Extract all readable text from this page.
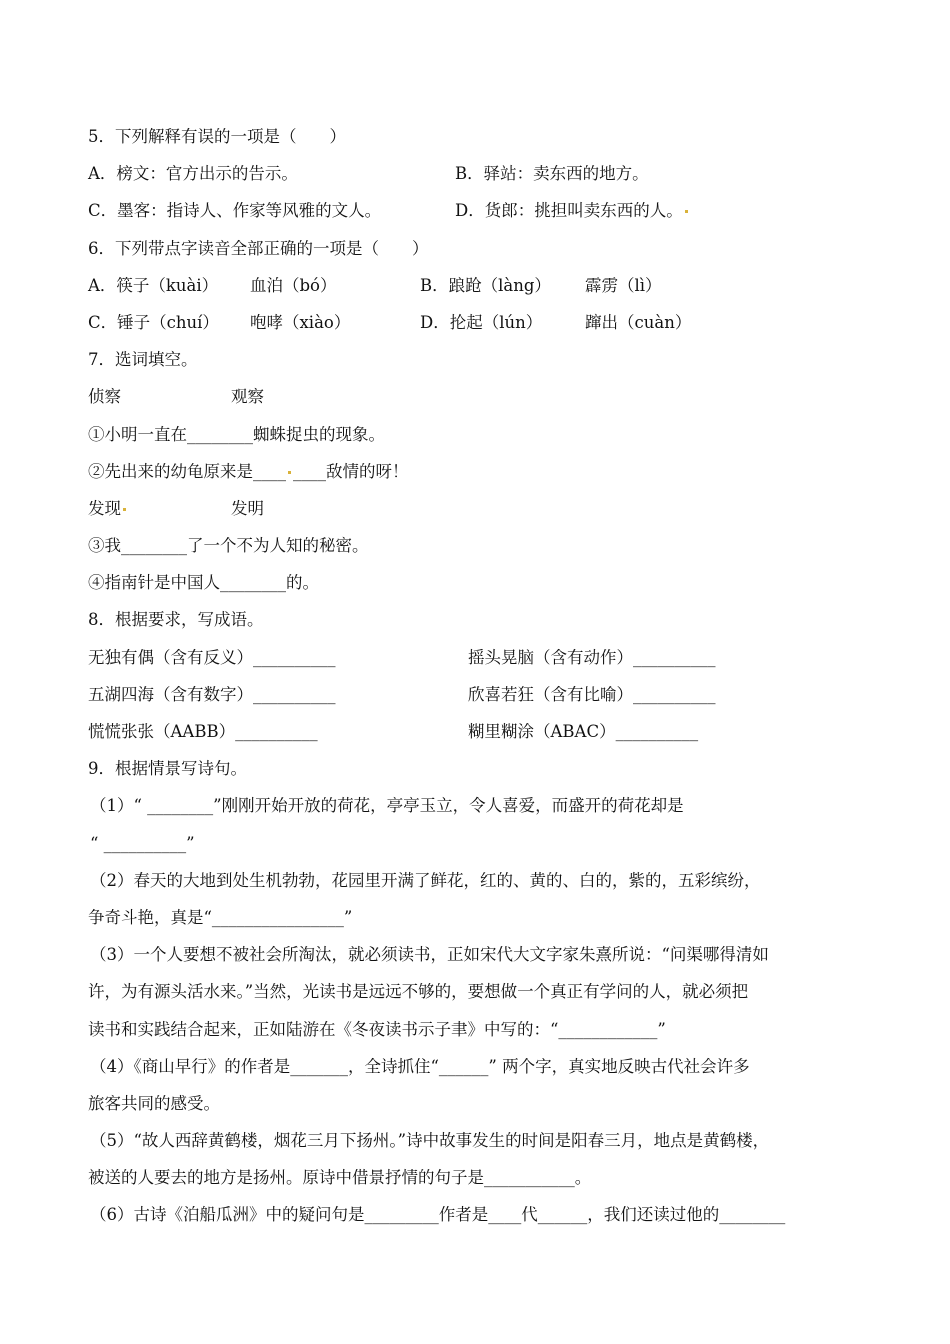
5．下列解释有误的一项是（　　）
A．榜文：官方出示的告示。	B．驿站：卖东西的地方。
C．墨客：指诗人、作家等风雅的文人。	D．货郎：挑担叫卖东西的人。
6．下列带点字读音全部正确的一项是（　　）
A．筷子（kuài） 血泊（bó）	B．踉跄（làng） 霹雳（lì）
C．锤子（chuí） 咆哮（xiào）	D．抡起（lún）	蹿出（cuàn）
7．选词填空。
侦察	观察
①小明一直在________蜘蛛捉虫的现象。
②先出来的幼龟原来是____ ____敌情的呀！
发现	发明
③我________了一个不为人知的秘密。
④指南针是中国人________的。
8．根据要求，写成语。
无独有偶（含有反义）__________	摇头晃脑（含有动作）__________
五湖四海（含有数字）__________	欣喜若狂（含有比喻）__________
慌慌张张（AABB）__________	糊里糊涂（ABAC）__________
9．根据情景写诗句。
（1）“ ________”刚刚开始开放的荷花，亭亭玉立，令人喜爱，而盛开的荷花却是
“ __________”
（2）春天的大地到处生机勃勃，花园里开满了鲜花，红的、黄的、白的，紫的，五彩缤纷，
争奇斗艳，真是“________________”
（3）一个人要想不被社会所淘汰，就必须读书，正如宋代大文字家朱熹所说：“问渠哪得清如
许，为有源头活水来。”当然，光读书是远远不够的，要想做一个真正有学问的人，就必须把
读书和实践结合起来，正如陆游在《冬夜读书示子聿》中写的：“____________”
（4）《商山早行》的作者是_______，全诗抓住“______” 两个字，真实地反映古代社会许多
旅客共同的感受。
（5）“故人西辞黄鹤楼，烟花三月下扬州。”诗中故事发生的时间是阳春三月，地点是黄鹤楼，
被送的人要去的地方是扬州。原诗中借景抒情的句子是___________。
（6）古诗《泊船瓜洲》中的疑问句是_________作者是____代______，我们还读过他的________
